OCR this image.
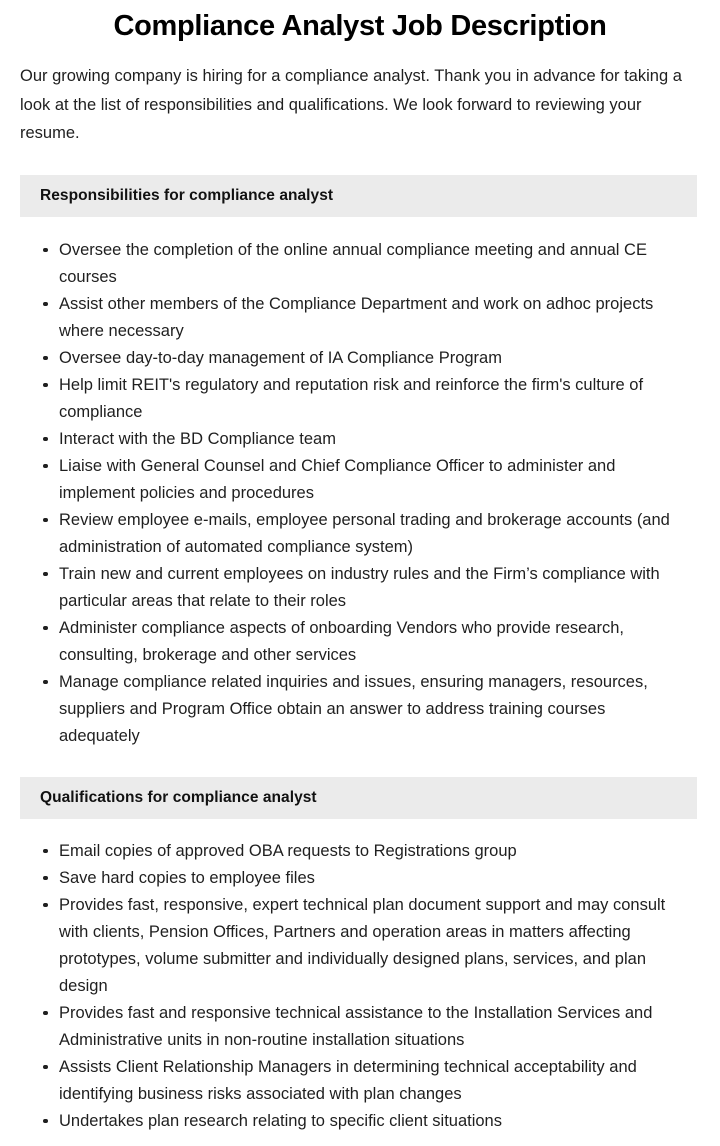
Compliance Analyst Job Description

Our growing company is hiring for a compliance analyst. Thank you in advance for taking a look at the list of responsibilities and qualifications. We look forward to reviewing your resume.

Responsibilities for compliance analyst
Oversee the completion of the online annual compliance meeting and annual CE courses
Assist other members of the Compliance Department and work on adhoc projects where necessary
Oversee day-to-day management of IA Compliance Program
Help limit REIT's regulatory and reputation risk and reinforce the firm's culture of compliance
Interact with the BD Compliance team
Liaise with General Counsel and Chief Compliance Officer to administer and implement policies and procedures
Review employee e-mails, employee personal trading and brokerage accounts (and administration of automated compliance system)
Train new and current employees on industry rules and the Firm’s compliance with particular areas that relate to their roles
Administer compliance aspects of onboarding Vendors who provide research, consulting, brokerage and other services
Manage compliance related inquiries and issues, ensuring managers, resources, suppliers and Program Office obtain an answer to address training courses adequately
Qualifications for compliance analyst
Email copies of approved OBA requests to Registrations group
Save hard copies to employee files
Provides fast, responsive, expert technical plan document support and may consult with clients, Pension Offices, Partners and operation areas in matters affecting prototypes, volume submitter and individually designed plans, services, and plan design
Provides fast and responsive technical assistance to the Installation Services and Administrative units in non-routine installation situations
Assists Client Relationship Managers in determining technical acceptability and identifying business risks associated with plan changes
Undertakes plan research relating to specific client situations
